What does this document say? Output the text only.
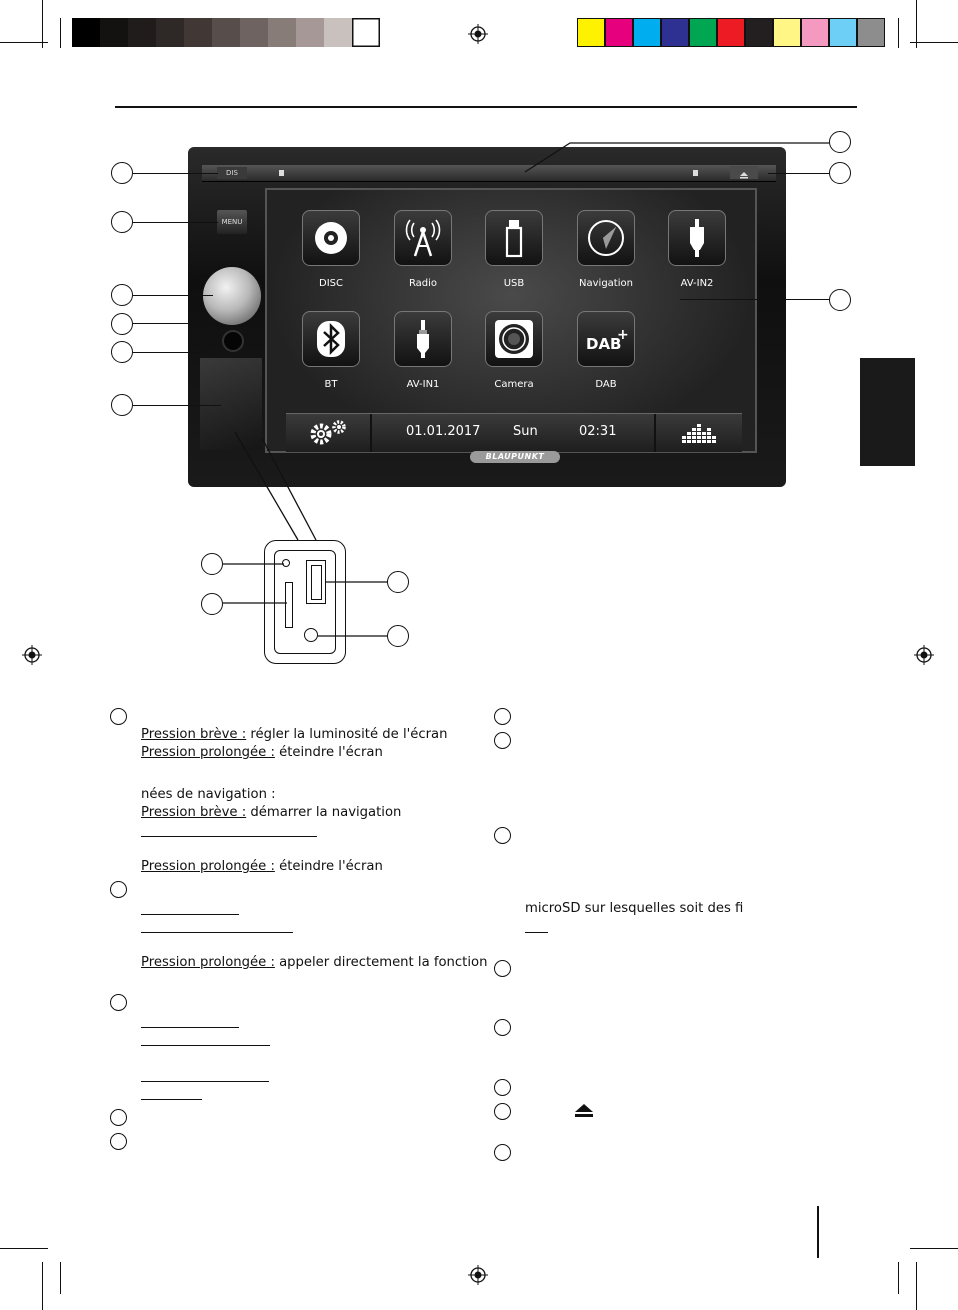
DIS
MENU
DISC	Radio	USB	Navigation	AV-IN2
BT	AV-IN1	Camera
DAB
+
DAB
01.01.2017	Sun	02:31
BLAUPUNKT
Pression brève : régler la luminosité de l'écran
Pression prolongée : éteindre l'écran
nées de navigation :
Pression brève : démarrer la navigation
Pression prolongée : éteindre l'écran
Pression prolongée : appeler directement la fonction
microSD sur lesquelles soit des fi
